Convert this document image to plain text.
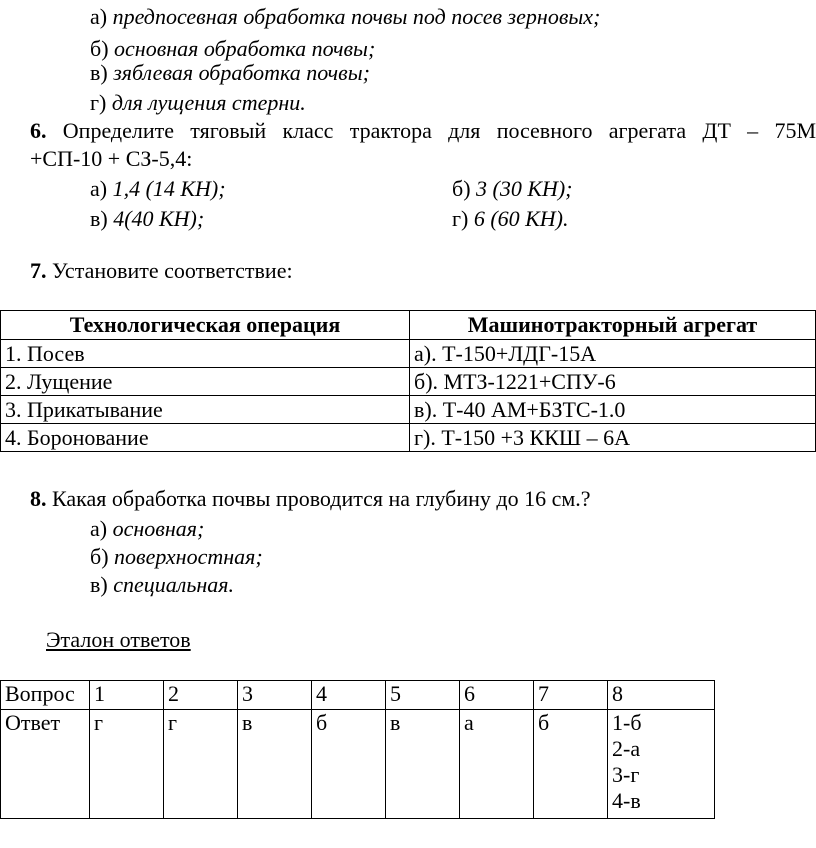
а) предпосевная обработка почвы под посев зерновых;
б) основная обработка почвы;
в) зяблевая обработка почвы;
г) для лущения стерни.
6. Определите тяговый класс трактора для посевного агрегата ДТ – 75М
+СП-10 + СЗ-5,4:
а) 1,4 (14 КН);	б) 3 (30 КН);
в) 4(40 КН);	г) 6 (60 КН).
7. Установите соответствие:
Технологическая операция	Машинотракторный агрегат
1. Посев	а). Т-150+ЛДГ-15А
2. Лущение	б). МТЗ-1221+СПУ-6
3. Прикатывание	в). Т-40 АМ+БЗТС-1.0
4. Боронование	г). Т-150 +3 ККШ – 6А
8. Какая обработка почвы проводится на глубину до 16 см.?
а) основная;
б) поверхностная;
в) специальная.
Эталон ответов
Вопрос	1	2	3	4	5	6	7	8
Ответ	г	г	в	б	в	а	б	1-б
2-а
3-г
4-в
